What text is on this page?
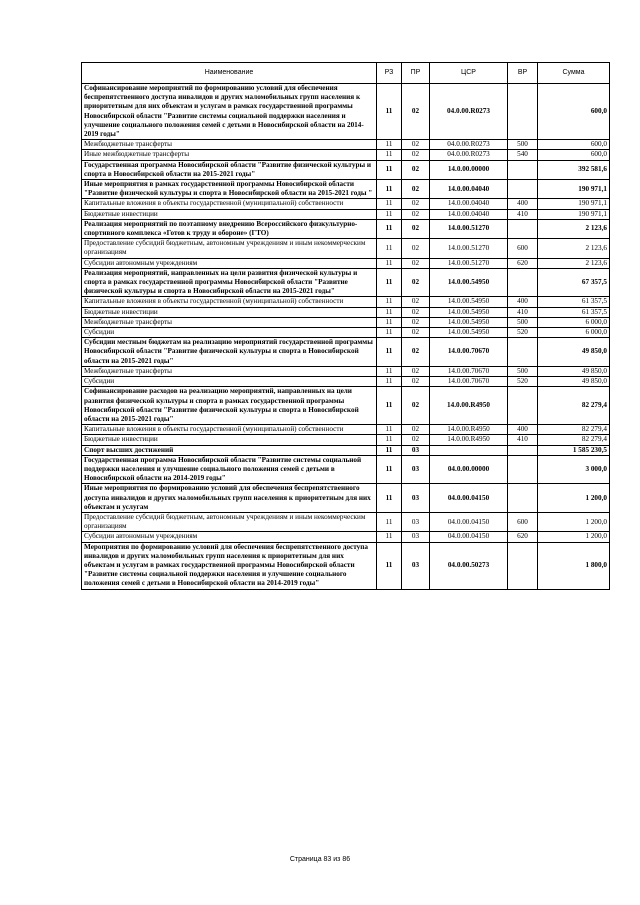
Наименование	РЗ	ПР	ЦСР	ВР	Сумма
Софинансирование мероприятий по формированию условий для обеспечения беспрепятственного доступа инвалидов и других маломобильных групп населения к приоритетным для них объектам и услугам в рамках государственной программы Новосибирской области "Развитие системы социальной поддержки населения и улучшение социального положения семей с детьми в Новосибирской области на 2014-2019 годы"	11	02	04.0.00.R0273		600,0
Межбюджетные трансферты	11	02	04.0.00.R0273	500	600,0
Иные межбюджетные трансферты	11	02	04.0.00.R0273	540	600,0
Государственная программа Новосибирской области "Развитие физической культуры и спорта в Новосибирской области на 2015-2021 годы"	11	02	14.0.00.00000		392 581,6
Иные мероприятия в рамках государственной программы Новосибирской области "Развитие физической культуры и спорта в Новосибирской области на 2015-2021 годы "	11	02	14.0.00.04040		190 971,1
Капитальные вложения в объекты государственной (муниципальной) собственности	11	02	14.0.00.04040	400	190 971,1
Бюджетные инвестиции	11	02	14.0.00.04040	410	190 971,1
Реализация мероприятий по поэтапному внедрению Всероссийского физкультурно-спортивного комплекса «Готов к труду и обороне» (ГТО)	11	02	14.0.00.51270		2 123,6
Предоставление субсидий бюджетным, автономным учреждениям и иным некоммерческим организациям	11	02	14.0.00.51270	600	2 123,6
Субсидии автономным учреждениям	11	02	14.0.00.51270	620	2 123,6
Реализация мероприятий, направленных на цели развития физической культуры и спорта в рамках государственной программы Новосибирской области "Развитие физической культуры и спорта в Новосибирской области на 2015-2021 годы"	11	02	14.0.00.54950		67 357,5
Капитальные вложения в объекты государственной (муниципальной) собственности	11	02	14.0.00.54950	400	61 357,5
Бюджетные инвестиции	11	02	14.0.00.54950	410	61 357,5
Межбюджетные трансферты	11	02	14.0.00.54950	500	6 000,0
Субсидии	11	02	14.0.00.54950	520	6 000,0
Субсидии местным бюджетам на реализацию мероприятий государственной программы Новосибирской области "Развитие физической культуры и спорта в Новосибирской области на 2015-2021 годы"	11	02	14.0.00.70670		49 850,0
Межбюджетные трансферты	11	02	14.0.00.70670	500	49 850,0
Субсидии	11	02	14.0.00.70670	520	49 850,0
Софинансирование расходов на реализацию мероприятий, направленных на цели развития физической культуры и спорта в рамках государственной программы Новосибирской области "Развитие физической культуры и спорта в Новосибирской области на 2015-2021 годы"	11	02	14.0.00.R4950		82 279,4
Капитальные вложения в объекты государственной (муниципальной) собственности	11	02	14.0.00.R4950	400	82 279,4
Бюджетные инвестиции	11	02	14.0.00.R4950	410	82 279,4
Спорт высших достижений	11	03			1 585 230,5
Государственная программа Новосибирской области "Развитие системы социальной поддержки населения и улучшение социального положения семей с детьми в Новосибирской области на 2014-2019 годы"	11	03	04.0.00.00000		3 000,0
Иные мероприятия по формированию условий для обеспечения беспрепятственного доступа инвалидов и других маломобильных групп населения к приоритетным для них объектам и услугам	11	03	04.0.00.04150		1 200,0
Предоставление субсидий бюджетным, автономным учреждениям и иным некоммерческим организациям	11	03	04.0.00.04150	600	1 200,0
Субсидии автономным учреждениям	11	03	04.0.00.04150	620	1 200,0
Мероприятия по формированию условий для обеспечения беспрепятственного доступа инвалидов и других маломобильных групп населения к приоритетным для них объектам и услугам в рамках государственной программы Новосибирской области "Развитие системы социальной поддержки населения и улучшение социального положения семей с детьми в Новосибирской области на 2014-2019 годы"	11	03	04.0.00.50273		1 800,0
Страница 83 из 86
